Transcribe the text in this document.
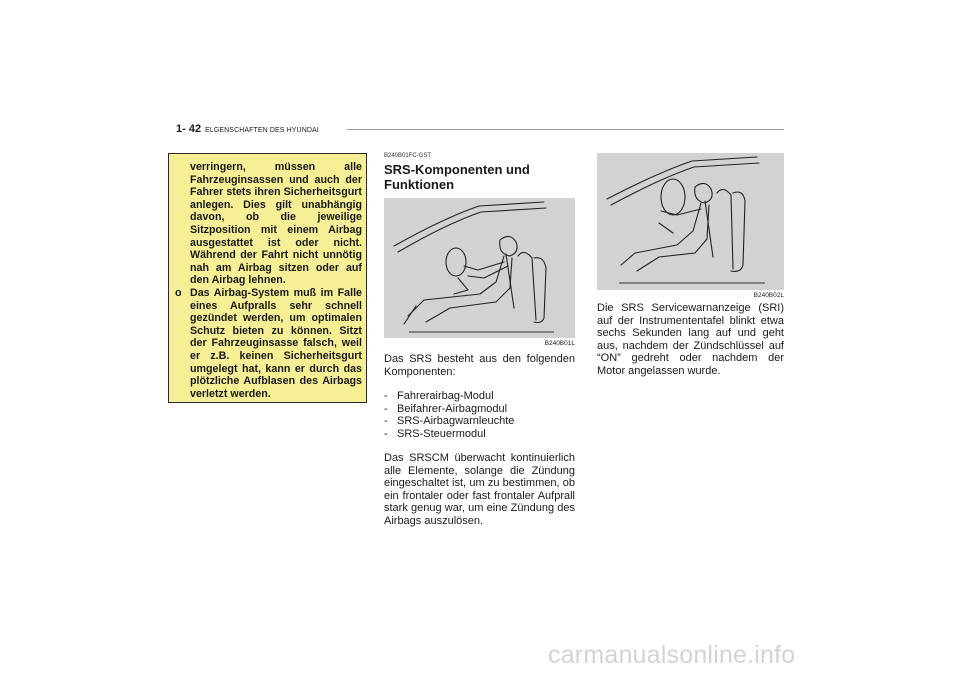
1- 42 ELGENSCHAFTEN DES HYUNDAI
verringern, müssen alle Fahrzeuginsassen und auch der Fahrer stets ihren Sicherheitsgurt anlegen. Dies gilt unabhängig davon, ob die jeweilige Sitzposition mit einem Airbag ausgestattet ist oder nicht. Während der Fahrt nicht unnötig nah am Airbag sitzen oder auf den Airbag lehnen.
o Das Airbag-System muß im Falle eines Aufpralls sehr schnell gezündet werden, um optimalen Schutz bieten zu können. Sitzt der Fahrzeuginsasse falsch, weil er z.B. keinen Sicherheitsgurt umgelegt hat, kann er durch das plötzliche Aufblasen des Airbags verletzt werden.
B240B01FC-GST
SRS-Komponenten und Funktionen
B240B01L
Das SRS besteht aus den folgenden Komponenten:
- Fahrerairbag-Modul
- Beifahrer-Airbagmodul
- SRS-Airbagwarnleuchte
- SRS-Steuermodul
Das SRSCM überwacht kontinuierlich alle Elemente, solange die Zündung eingeschaltet ist, um zu bestimmen, ob ein frontaler oder fast frontaler Aufprall stark genug war, um eine Zündung des Airbags auszulösen.
B240B02L
Die SRS Servicewarnanzeige (SRI) auf der Instrumententafel blinkt etwa sechs Sekunden lang auf und geht aus, nachdem der Zündschlüssel auf “ON” gedreht oder nachdem der Motor angelassen wurde.
carmanualsonline.info
